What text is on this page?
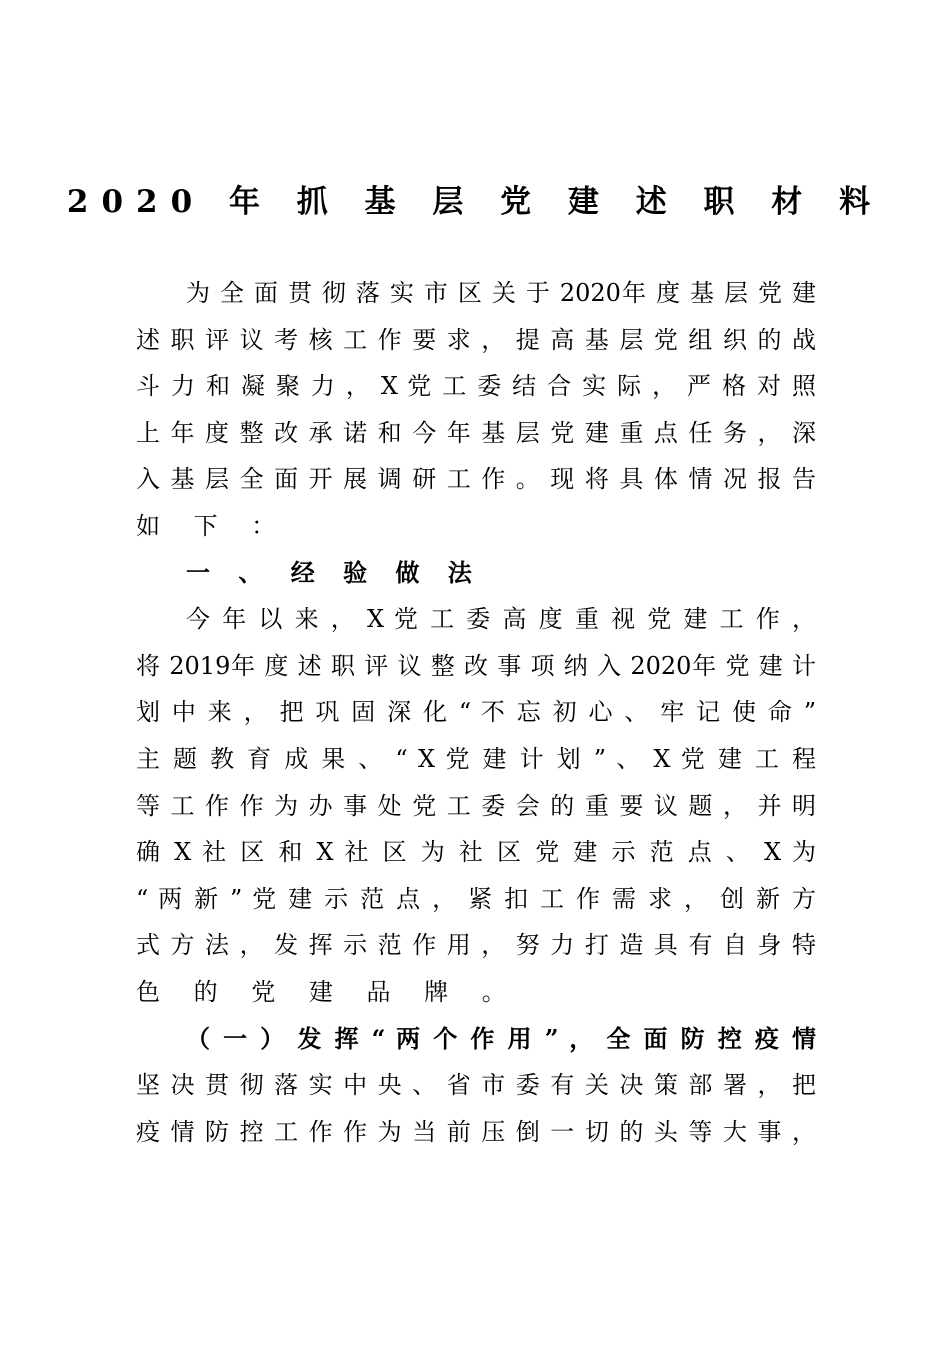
2020 年 抓 基 层 党 建 述 职 材 料
为 全 面 贯 彻 落 实 市 区 关 于 2020年 度 基 层 党 建
述 职 评 议 考 核 工 作 要 求 ， 提 高 基 层 党 组 织 的 战
斗 力 和 凝 聚 力 ， X 党 工 委 结 合 实 际 ， 严 格 对 照
上 年 度 整 改 承 诺 和 今 年 基 层 党 建 重 点 任 务 ， 深
入 基 层 全 面 开 展 调 研 工 作 。 现 将 具 体 情 况 报 告
如 下 ：
一 、 经 验 做 法
今 年 以 来 ， X 党 工 委 高 度 重 视 党 建 工 作 ，
将 2019年 度 述 职 评 议 整 改 事 项 纳 入 2020年 党 建 计
划 中 来 ， 把 巩 固 深 化 “ 不 忘 初 心 、 牢 记 使 命 ”
主 题 教 育 成 果 、 “ X 党 建 计 划 ” 、 X 党 建 工 程
等 工 作 作 为 办 事 处 党 工 委 会 的 重 要 议 题 ， 并 明
确 X 社 区 和 X 社 区 为 社 区 党 建 示 范 点 、 X 为
“ 两 新 ” 党 建 示 范 点 ， 紧 扣 工 作 需 求 ， 创 新 方
式 方 法 ， 发 挥 示 范 作 用 ， 努 力 打 造 具 有 自 身 特
色 的 党 建 品 牌 。
（ 一 ） 发 挥 “ 两 个 作 用 ” ， 全 面 防 控 疫 情
坚 决 贯 彻 落 实 中 央 、 省 市 委 有 关 决 策 部 署 ， 把
疫 情 防 控 工 作 作 为 当 前 压 倒 一 切 的 头 等 大 事 ，
